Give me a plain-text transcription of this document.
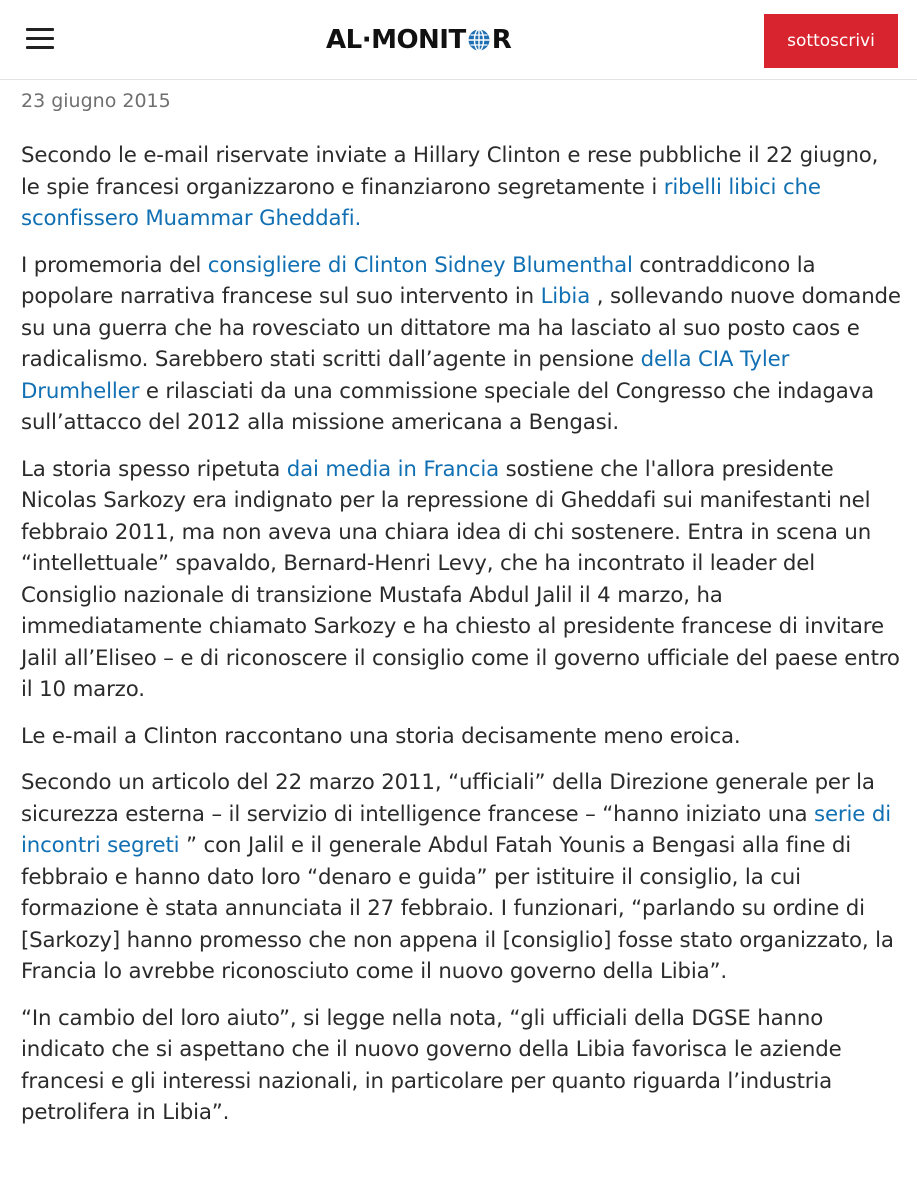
AL·MONIT R	sottoscrivi
23 giugno 2015

Secondo le e-mail riservate inviate a Hillary Clinton e rese pubbliche il 22 giugno, le spie francesi organizzarono e finanziarono segretamente i ribelli libici che sconfissero Muammar Gheddafi.

I promemoria del consigliere di Clinton Sidney Blumenthal contraddicono la popolare narrativa francese sul suo intervento in Libia , sollevando nuove domande su una guerra che ha rovesciato un dittatore ma ha lasciato al suo posto caos e radicalismo. Sarebbero stati scritti dall’agente in pensione della CIA Tyler Drumheller e rilasciati da una commissione speciale del Congresso che indagava sull’attacco del 2012 alla missione americana a Bengasi.

La storia spesso ripetuta dai media in Francia sostiene che l'allora presidente Nicolas Sarkozy era indignato per la repressione di Gheddafi sui manifestanti nel febbraio 2011, ma non aveva una chiara idea di chi sostenere. Entra in scena un “intellettuale” spavaldo, Bernard-Henri Levy, che ha incontrato il leader del Consiglio nazionale di transizione Mustafa Abdul Jalil il 4 marzo, ha immediatamente chiamato Sarkozy e ha chiesto al presidente francese di invitare Jalil all’Eliseo – e di riconoscere il consiglio come il governo ufficiale del paese entro il 10 marzo.

Le e-mail a Clinton raccontano una storia decisamente meno eroica.

Secondo un articolo del 22 marzo 2011, “ufficiali” della Direzione generale per la sicurezza esterna – il servizio di intelligence francese – “hanno iniziato una serie di incontri segreti ” con Jalil e il generale Abdul Fatah Younis a Bengasi alla fine di febbraio e hanno dato loro “denaro e guida” per istituire il consiglio, la cui formazione è stata annunciata il 27 febbraio. I funzionari, “parlando su ordine di [Sarkozy] hanno promesso che non appena il [consiglio] fosse stato organizzato, la Francia lo avrebbe riconosciuto come il nuovo governo della Libia”.

“In cambio del loro aiuto”, si legge nella nota, “gli ufficiali della DGSE hanno indicato che si aspettano che il nuovo governo della Libia favorisca le aziende francesi e gli interessi nazionali, in particolare per quanto riguarda l’industria petrolifera in Libia”.
